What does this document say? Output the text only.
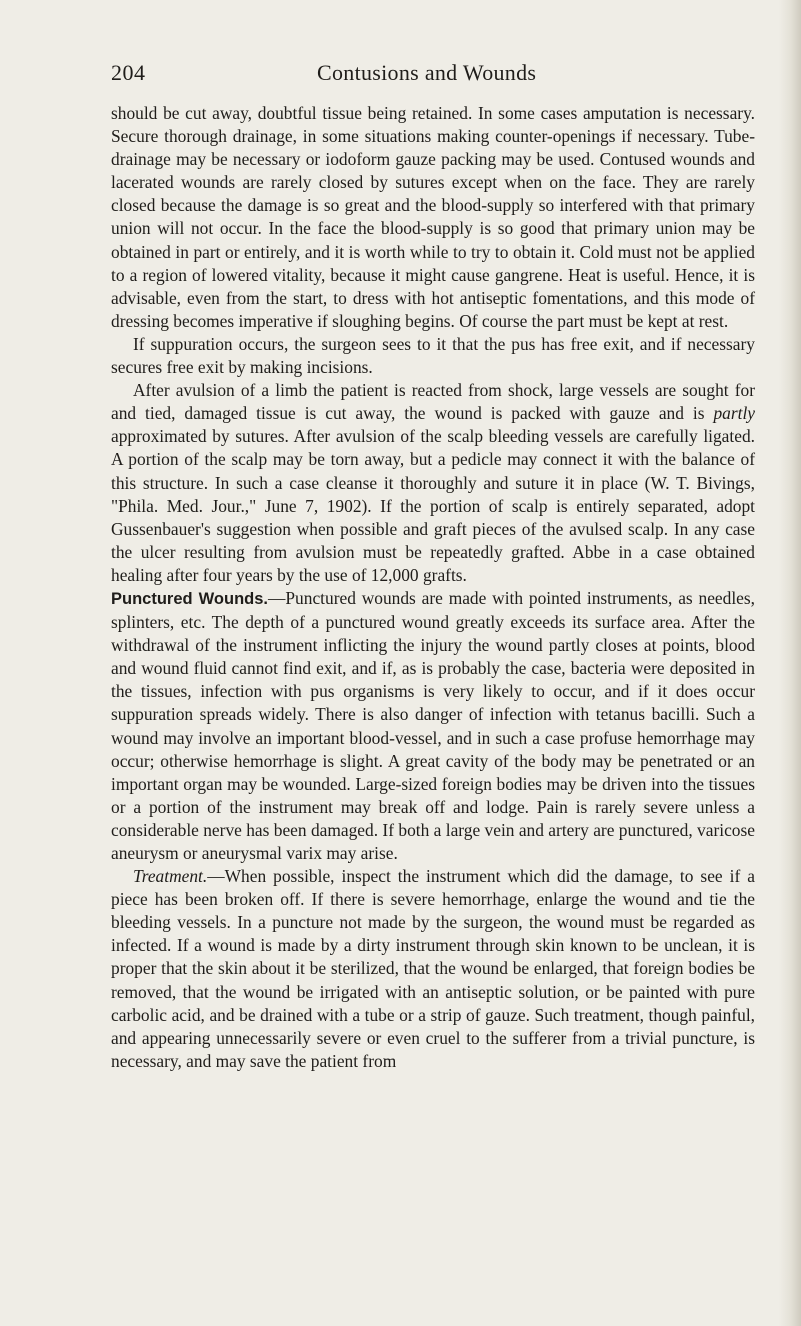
204	Contusions and Wounds

should be cut away, doubtful tissue being retained. In some cases amputation is necessary. Secure thorough drainage, in some situations making counter-openings if necessary. Tube-drainage may be necessary or iodoform gauze packing may be used. Contused wounds and lacerated wounds are rarely closed by sutures except when on the face. They are rarely closed because the damage is so great and the blood-supply so interfered with that primary union will not occur. In the face the blood-supply is so good that primary union may be obtained in part or entirely, and it is worth while to try to obtain it. Cold must not be applied to a region of lowered vitality, because it might cause gangrene. Heat is useful. Hence, it is advisable, even from the start, to dress with hot antiseptic fomentations, and this mode of dressing becomes imperative if sloughing begins. Of course the part must be kept at rest.

If suppuration occurs, the surgeon sees to it that the pus has free exit, and if necessary secures free exit by making incisions.

After avulsion of a limb the patient is reacted from shock, large vessels are sought for and tied, damaged tissue is cut away, the wound is packed with gauze and is partly approximated by sutures. After avulsion of the scalp bleeding vessels are carefully ligated. A portion of the scalp may be torn away, but a pedicle may connect it with the balance of this structure. In such a case cleanse it thoroughly and suture it in place (W. T. Bivings, "Phila. Med. Jour.," June 7, 1902). If the portion of scalp is entirely separated, adopt Gussenbauer's suggestion when possible and graft pieces of the avulsed scalp. In any case the ulcer resulting from avulsion must be repeatedly grafted. Abbe in a case obtained healing after four years by the use of 12,000 grafts.

Punctured Wounds.—Punctured wounds are made with pointed instruments, as needles, splinters, etc. The depth of a punctured wound greatly exceeds its surface area. After the withdrawal of the instrument inflicting the injury the wound partly closes at points, blood and wound fluid cannot find exit, and if, as is probably the case, bacteria were deposited in the tissues, infection with pus organisms is very likely to occur, and if it does occur suppuration spreads widely. There is also danger of infection with tetanus bacilli. Such a wound may involve an important blood-vessel, and in such a case profuse hemorrhage may occur; otherwise hemorrhage is slight. A great cavity of the body may be penetrated or an important organ may be wounded. Large-sized foreign bodies may be driven into the tissues or a portion of the instrument may break off and lodge. Pain is rarely severe unless a considerable nerve has been damaged. If both a large vein and artery are punctured, varicose aneurysm or aneurysmal varix may arise.

Treatment.—When possible, inspect the instrument which did the damage, to see if a piece has been broken off. If there is severe hemorrhage, enlarge the wound and tie the bleeding vessels. In a puncture not made by the surgeon, the wound must be regarded as infected. If a wound is made by a dirty instrument through skin known to be unclean, it is proper that the skin about it be sterilized, that the wound be enlarged, that foreign bodies be removed, that the wound be irrigated with an antiseptic solution, or be painted with pure carbolic acid, and be drained with a tube or a strip of gauze. Such treatment, though painful, and appearing unnecessarily severe or even cruel to the sufferer from a trivial puncture, is necessary, and may save the patient from
